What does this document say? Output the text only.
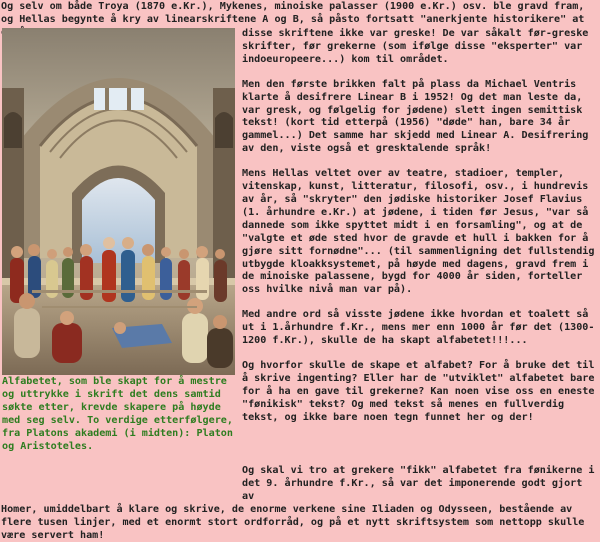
Og selv om både Troya (1870 e.Kr.), Mykenes, minoiske palasser (1900 e.Kr.) osv. ble gravd fram, og Hellas begynte å kry av linearskriftene A og B, så påsto fortsatt "anerkjente historikere" at
Alfabetet, som ble skapt for å mestre og uttrykke i skrift det dens samtid søkte etter, krevde skapere på høyde med seg selv. To verdige etterfølgere, fra Platons akademi (i midten): Platon og Aristoteles.

disse skriftene ikke var greske! De var såkalt før-greske skrifter, før grekerne (som ifølge disse "eksperter" var indoeuropeere...) kom til området.

Men den første brikken falt på plass da Michael Ventris klarte å desifrere Linear B i 1952! Og det man leste da, var gresk, og følgelig for jødene) slett ingen semittisk tekst! (kort tid etterpå (1956) "døde" han, bare 34 år gammel...) Det samme har skjedd med Linear A. Desifrering av den, viste også et gresktalende språk!

Mens Hellas veltet over av teatre, stadioer, templer, vitenskap, kunst, litteratur, filosofi, osv., i hundrevis av år, så "skryter" den jødiske historiker Josef Flavius (1. århundre e.Kr.) at jødene, i tiden før Jesus, "var så dannede som ikke spyttet midt i en forsamling", og at de "valgte et øde sted hvor de gravde et hull i bakken for å gjøre sitt fornødne"... (til sammenligning det fullstendig utbygde kloakksystemet, på høyde med dagens, gravd frem i de minoiske palassene, bygd for 4000 år siden, forteller oss hvilke nivå man var på).

Med andre ord så visste jødene ikke hvordan et toalett så ut i 1.århundre f.Kr., mens mer enn 1000 år før det (1300-1200 f.Kr.), skulle de ha skapt alfabetet!!!...

Og hvorfor skulle de skape et alfabet? For å bruke det til å skrive ingenting? Eller har de "utviklet" alfabetet bare for å ha en gave til grekerne? Kan noen vise oss en eneste "fønikisk" tekst? Og med tekst så menes en fullverdig tekst, og ikke bare noen tegn funnet her og der!

Og skal vi tro at grekere "fikk" alfabetet fra fønikerne i det 9. århundre f.Kr., så var det imponerende godt gjort av
Homer, umiddelbart å klare og skrive, de enorme verkene sine Iliaden og Odysseen, bestående av flere tusen linjer, med et enormt stort ordforråd, og på et nytt skriftsystem som nettopp skulle være servert ham!
